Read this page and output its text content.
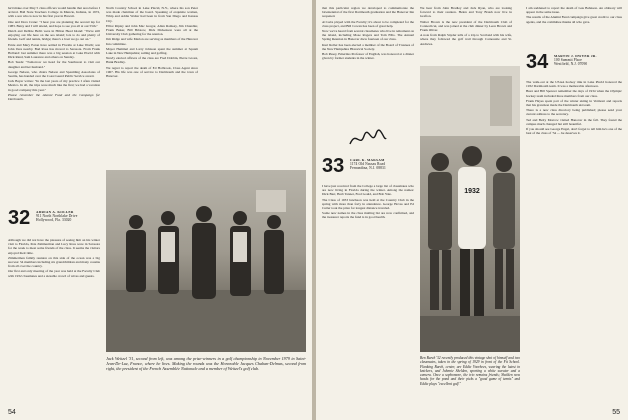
he'd make over May 5 class officers would handle that area before I arrived. Ball State Teachers College in Muncie, Indiana, in 1972, with a son who is now in his first year in Hawaii.

One and Dora Crane: "I hear you are planning the second lap for 1983. Betsy and I will attend, and hope to see you all at our 55th."

Dutch and Debbie Hebb were in Hilton Head Island: "We're still enjoying our life here on the sea island; lots to do and plenty of friends. Golf and tennis, bridge; there's a boat we go out on."

Ernie and Mary Eaton have settled in Florida at Lake Worth; son John lives nearby. Bud Ross has moved to Sarasota. From Frank Holland: last summer there was a big session at Lake Placid with Dick Rand, Sam Laurence and others on Sunday.

Bob Teeds: "Tomorrow we head for the Southwest to visit our daughter and her husband."

George Nelson, who chairs Nelson and Spaulding Associates of Seattle, has handed over the Coast Guard Public Service award.

Jack Bayer writes: "In the last years of my practice I often visited Mexico. In all, the trips were much like the first; we had a vacation in good company this year."

Please remember the Alumni Fund and the Campaign for Dartmouth.

32 ADRIAN A. KOLLER
911 North Northlake Drive
Hollywood, Fla. 33020

Although we did not have the pleasure of seeing him on his winter visit to Florida, Pete Zimmerman and Lucy Ross were in Sarasota for the week to meet some friends of the class. It seems the visitors enjoyed their time.

Zimmerman family reunion on this side of the ocean was a big success: 54 members including six grandchildren and many cousins from all over the country.

Our first and only meeting of the year was held at the Faculty Club with 1932 classmates and a sizeable crowd of wives and guests.

North Country School in Lake Placid, N.Y., where his son Peter was made chairman of the board. Speaking of exquisite women, Whip and Addie Walter had been in from San Diego and Kansas City.

Elliot Ripley and John Mac Gregor, Allen Ramsay, Jim Chandler, Frank Baker, Bill Bristow, Dick Dickenson were all at the University Club gathering for the reunion.

Jim Ridge and wife Marion are serving as members of the Hanover Inn committee.

Mayer Hemmel and Larry Johnson spent the summer at Squam Lake in New Hampshire; sailing and golfing.

Newly elected officers of the class are Fred Dobbin, Pierre Groux, Hank Bradley.

We regret to report the death of Ed Holbrook, Class Agent since 1967. His life was one of service to Dartmouth and the town of Hanover.

Jack Weitzel '31, second from left, was among the prize-winners in a golf championship in November 1979 in Saint-Jean-De-Luz, France, where he lives. Making the rounds was the Honorable Jacques Chaban-Delmas, second from right, the president of the French Assemblée Nationale and a member of Weitzel's golf club.
54

that this particular region we developed to commemorate the bicentennial of the first Dartmouth graduation and the Hanover Inn reopened.

Al Lubs played with the Faculty; it's about to be completed for the class project, and Bill Cowan has been of great help.

Now we've heard from several classmates who live in retirement on the island, including Mose Rogers and Tom Ellis. The Annual Spring Reunion in Hanover drew fourteen of our class.

Kurt Roller has been elected a member of the Board of Trustees of the New Hampshire Historical Society.

Bob Pusey, Emeritus Professor of English, was honored at a dinner given by former students in the winter.

33 CARL K. MAKSAM
1174 Old Nassau Road
Fernandina, N.J. 08831

I have just received from the College a large list of classmates who are now living in Florida during the winter. Among the names: Dick Barr, Herb Tanner, Fred Gould, and Bob Yale.

The Class of 1933 luncheon was held at the Country Club in the spring with more than forty in attendance. George Hovas and Ed Cutler took the prize for longest distance traveled.

Some new names in the class mailing list are now confirmed, and the treasurer reports the fund is in good health.

We hear from John Bradley and Jack Ryan, who are looking forward to their reunion. Helen and Tony Brush now live in Grafton.

Walter Brown is the new president of the Dartmouth Club of Connecticut, and was joined at the club dinner by Leon Brown and Frank Oliver.

A note from Ralph Snyder tells of a trip to Scotland with his wife, where they followed the golf trail through Carnoustie and St. Andrews.

1932
Ben Burch '32 recently produced this vintage shot of himself and two classmates, taken in the spring of 1929 in front of the Fit School. Flanking Burch, center, are Eddie Voorhees, wearing the latest in knickers, and Johnnie Shelden, sporting a white sweater and a camera. Once a sophomore, the trio remains friends; Shelden now heads for the pond and their picks a "good game of tennis" and Eddie plays "excellent golf."

I am saddened to report the death of Gus Bahnson. An obituary will appear in the same issue.

The results of the Alumni Fund campaign give great credit to our class agents, and the committee thanks all who gave.

34 MARTIN J. DWYER JR.
100 Summit Place
Westfield, N.J. 07090

The walk-out at the USAA hockey rink in Lake Placid honored the 1932 Dartmouth team. It was a memorable afternoon.

Buzz and Bill Spencer remember the days of 1934 when the Olympic hockey team included three members from our class.

Frank Hayes spent part of the winter skiing in Vermont and reports that his grandson made the Dartmouth ski team.

There is a new class directory being published; please send your current address to the secretary.

Ted and Betty Morrow visited Hanover in the fall. They found the campus much changed but still beautiful.

If you should see George Engel, don't forget to tell him he's one of the best of the class of '34 — he deserves it.

55
